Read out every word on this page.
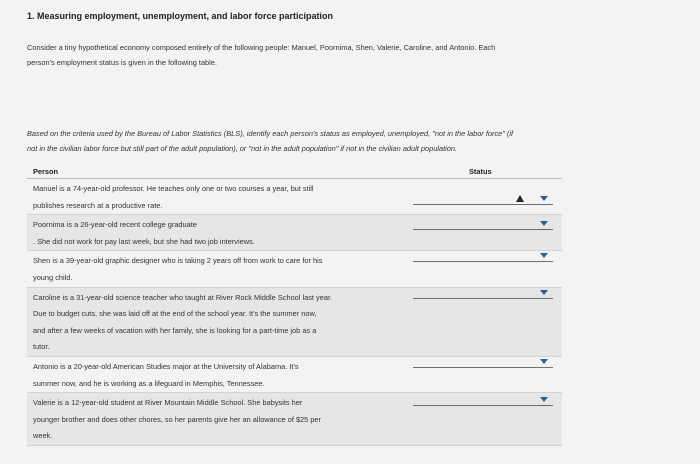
1. Measuring employment, unemployment, and labor force participation
Consider a tiny hypothetical economy composed entirely of the following people: Manuel, Poornima, Shen, Valerie, Caroline, and Antonio. Each
person's employment status is given in the following table.
Based on the criteria used by the Bureau of Labor Statistics (BLS), identify each person's status as employed, unemployed, "not in the labor force" (if
not in the civilian labor force but still part of the adult population), or "not in the adult population" if not in the civilian adult population.
Person	Status
Manuel is a 74-year-old professor. He teaches only one or two courses a year, but still
publishes research at a productive rate.
Poornima is a 26-year-old recent college graduate
. She did not work for pay last week, but she had two job interviews.
Shen is a 39-year-old graphic designer who is taking 2 years off from work to care for his
young child.
Caroline is a 31-year-old science teacher who taught at River Rock Middle School last year.
Due to budget cuts, she was laid off at the end of the school year. It's the summer now,
and after a few weeks of vacation with her family, she is looking for a part-time job as a
tutor.
Antonio is a 20-year-old American Studies major at the University of Alabama. It's
summer now, and he is working as a lifeguard in Memphis, Tennessee.
Valerie is a 12-year-old student at River Mountain Middle School. She babysits her
younger brother and does other chores, so her parents give her an allowance of $25 per
week.
